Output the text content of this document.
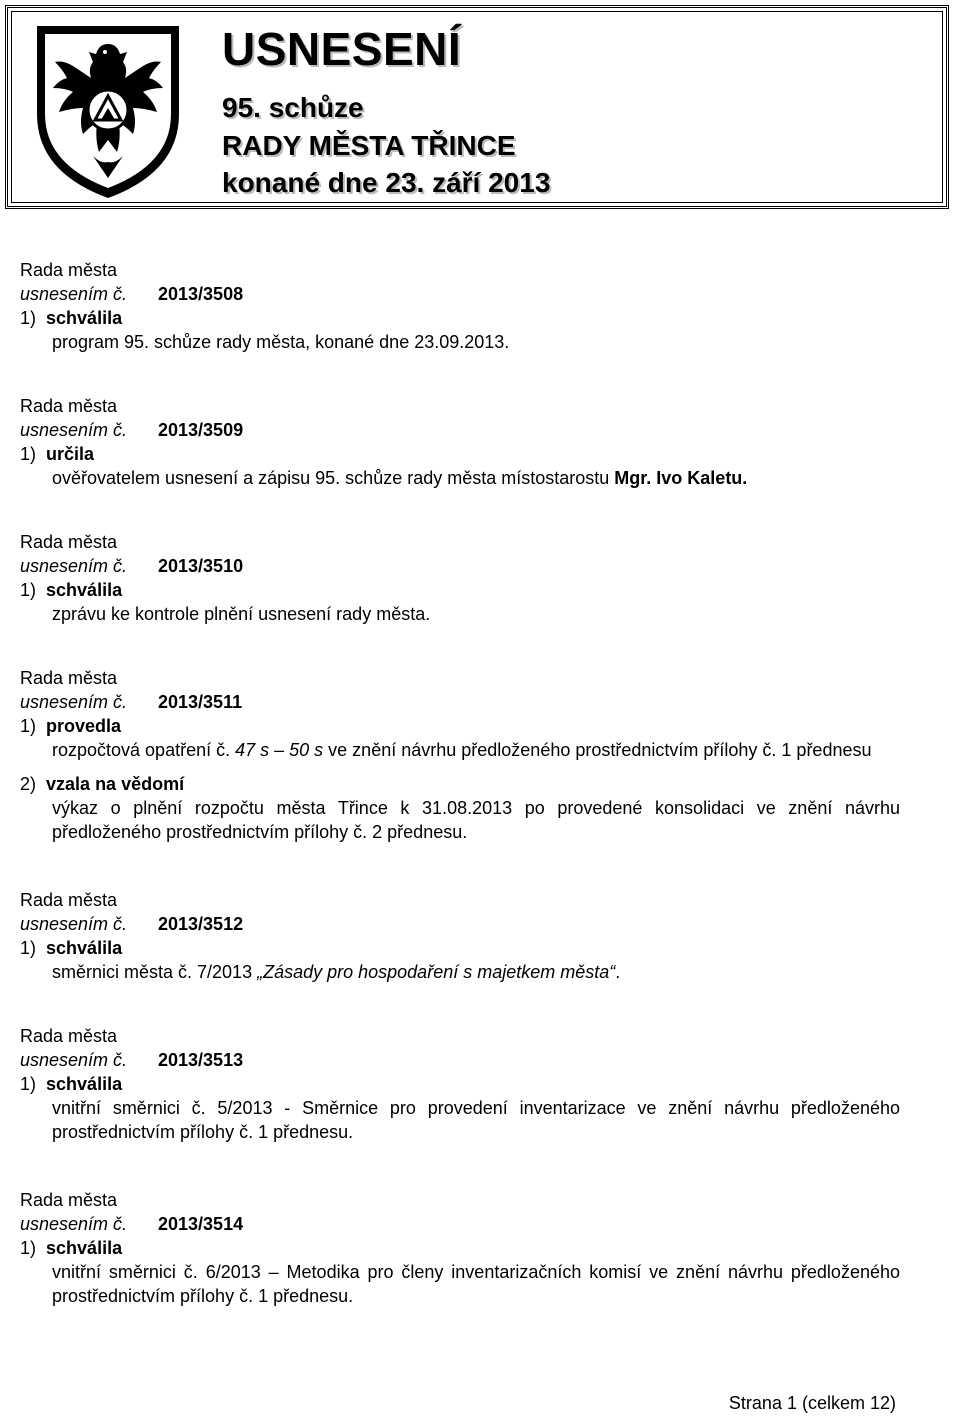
USNESENÍ
95. schůze
RADY MĚSTA TŘINCE
konané dne 23. září 2013
Rada města
usnesením č. 2013/3508
1) schválila
program 95. schůze rady města, konané dne 23.09.2013.
Rada města
usnesením č. 2013/3509
1) určila
ověřovatelem usnesení a zápisu 95. schůze rady města místostarostu Mgr. Ivo Kaletu.
Rada města
usnesením č. 2013/3510
1) schválila
zprávu ke kontrole plnění usnesení rady města.
Rada města
usnesením č. 2013/3511
1) provedla
rozpočtová opatření č. 47 s – 50 s ve znění návrhu předloženého prostřednictvím přílohy č. 1 přednesu
2) vzala na vědomí
výkaz o plnění rozpočtu města Třince k 31.08.2013 po provedené konsolidaci ve znění návrhu předloženého prostřednictvím přílohy č. 2 přednesu.
Rada města
usnesením č. 2013/3512
1) schválila
směrnici města č. 7/2013 „Zásady pro hospodaření s majetkem města“.
Rada města
usnesením č. 2013/3513
1) schválila
vnitřní směrnici č. 5/2013 - Směrnice pro provedení inventarizace ve znění návrhu předloženého prostřednictvím přílohy č. 1 přednesu.
Rada města
usnesením č. 2013/3514
1) schválila
vnitřní směrnici č. 6/2013 – Metodika pro členy inventarizačních komisí ve znění návrhu předloženého prostřednictvím přílohy č. 1 přednesu.
Strana 1 (celkem 12)
